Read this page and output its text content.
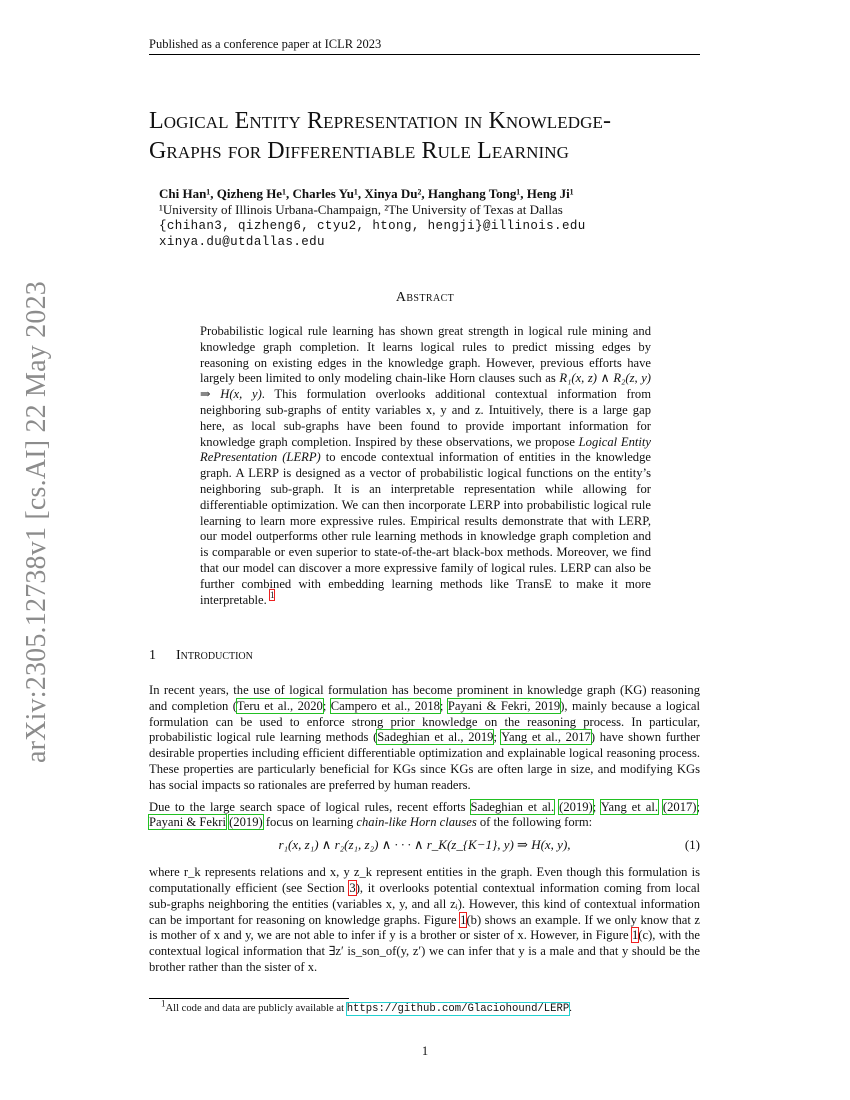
Published as a conference paper at ICLR 2023
arXiv:2305.12738v1 [cs.AI] 22 May 2023
Logical Entity Representation in Knowledge-
Graphs for Differentiable Rule Learning
Chi Han¹, Qizheng He¹, Charles Yu¹, Xinya Du², Hanghang Tong¹, Heng Ji¹
¹University of Illinois Urbana-Champaign, ²The University of Texas at Dallas
{chihan3, qizheng6, ctyu2, htong, hengji}@illinois.edu
xinya.du@utdallas.edu
Abstract
Probabilistic logical rule learning has shown great strength in logical rule mining and knowledge graph completion. It learns logical rules to predict missing edges by reasoning on existing edges in the knowledge graph. However, previous efforts have largely been limited to only modeling chain-like Horn clauses such as R₁(x, z) ∧ R₂(z, y) ⇒ H(x, y). This formulation overlooks additional contextual information from neighboring sub-graphs of entity variables x, y and z. Intuitively, there is a large gap here, as local sub-graphs have been found to provide important information for knowledge graph completion. Inspired by these observations, we propose Logical Entity RePresentation (LERP) to encode contextual information of entities in the knowledge graph. A LERP is designed as a vector of probabilistic logical functions on the entity’s neighboring sub-graph. It is an interpretable representation while allowing for differentiable optimization. We can then incorporate LERP into probabilistic logical rule learning to learn more expressive rules. Empirical results demonstrate that with LERP, our model outperforms other rule learning methods in knowledge graph completion and is comparable or even superior to state-of-the-art black-box methods. Moreover, we find that our model can discover a more expressive family of logical rules. LERP can also be further combined with embedding learning methods like TransE to make it more interpretable. $^1$
1 Introduction

In recent years, the use of logical formulation has become prominent in knowledge graph (KG) reasoning and completion (Teru et al., 2020; Campero et al., 2018; Payani & Fekri, 2019), mainly because a logical formulation can be used to enforce strong prior knowledge on the reasoning process. In particular, probabilistic logical rule learning methods (Sadeghian et al., 2019; Yang et al., 2017) have shown further desirable properties including efficient differentiable optimization and explainable logical reasoning process. These properties are particularly beneficial for KGs since KGs are often large in size, and modifying KGs has social impacts so rationales are preferred by human readers.

Due to the large search space of logical rules, recent efforts Sadeghian et al. (2019); Yang et al. (2017); Payani & Fekri (2019) focus on learning chain-like Horn clauses of the following form:

r₁(x, z₁) ∧ r₂(z₁, z₂) ∧ · · · ∧ r_K(z_{K−1}, y) ⇒ H(x, y),	(1)

where r_k represents relations and x, y z_k represent entities in the graph. Even though this formulation is computationally efficient (see Section 3), it overlooks potential contextual information coming from local sub-graphs neighboring the entities (variables x, y, and all zᵢ). However, this kind of contextual information can be important for reasoning on knowledge graphs. Figure 1(b) shows an example. If we only know that z is mother of x and y, we are not able to infer if y is a brother or sister of x. However, in Figure 1(c), with the contextual logical information that ∃z′ is_son_of(y, z′) we can infer that y is a male and that y should be the brother rather than the sister of x.

$^1$All code and data are publicly available at https://github.com/Glaciohound/LERP.
1
